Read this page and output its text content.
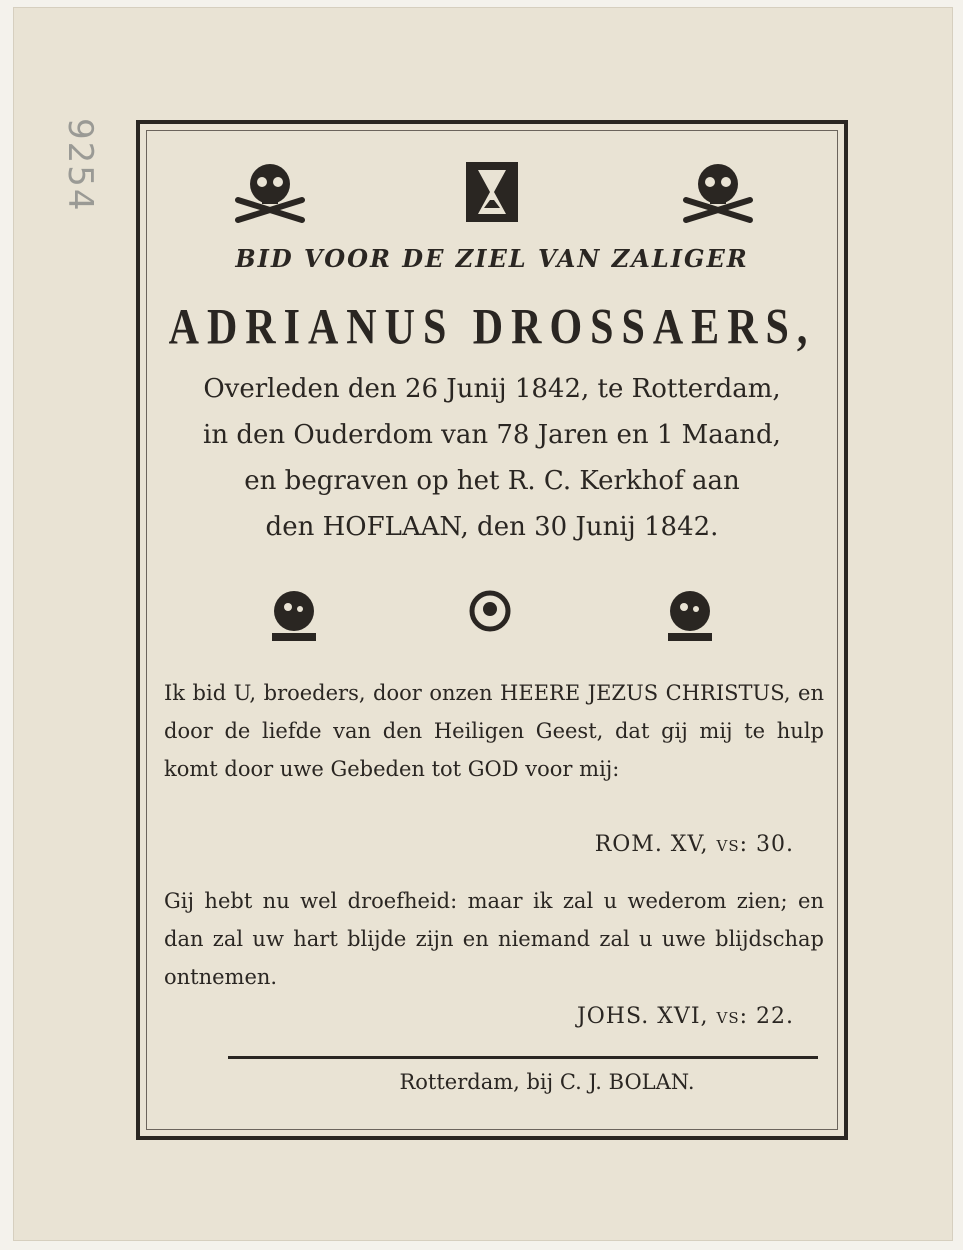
9254
BID VOOR DE ZIEL VAN ZALIGER
ADRIANUS DROSSAERS,
Overleden den 26 Junij 1842, te Rotterdam,
in den Ouderdom van 78 Jaren en 1 Maand,
en begraven op het R. C. Kerkhof aan
den HOFLAAN, den 30 Junij 1842.
Ik bid U, broeders, door onzen HEERE JEZUS CHRISTUS, en door de liefde van den Heiligen Geest, dat gij mij te hulp komt door uwe Gebeden tot GOD voor mij:
ROM. XV, vs: 30.
Gij hebt nu wel droefheid: maar ik zal u wederom zien; en dan zal uw hart blijde zijn en niemand zal u uwe blijdschap ontnemen.
JOHS. XVI, vs: 22.
Rotterdam, bij C. J. BOLAN.
